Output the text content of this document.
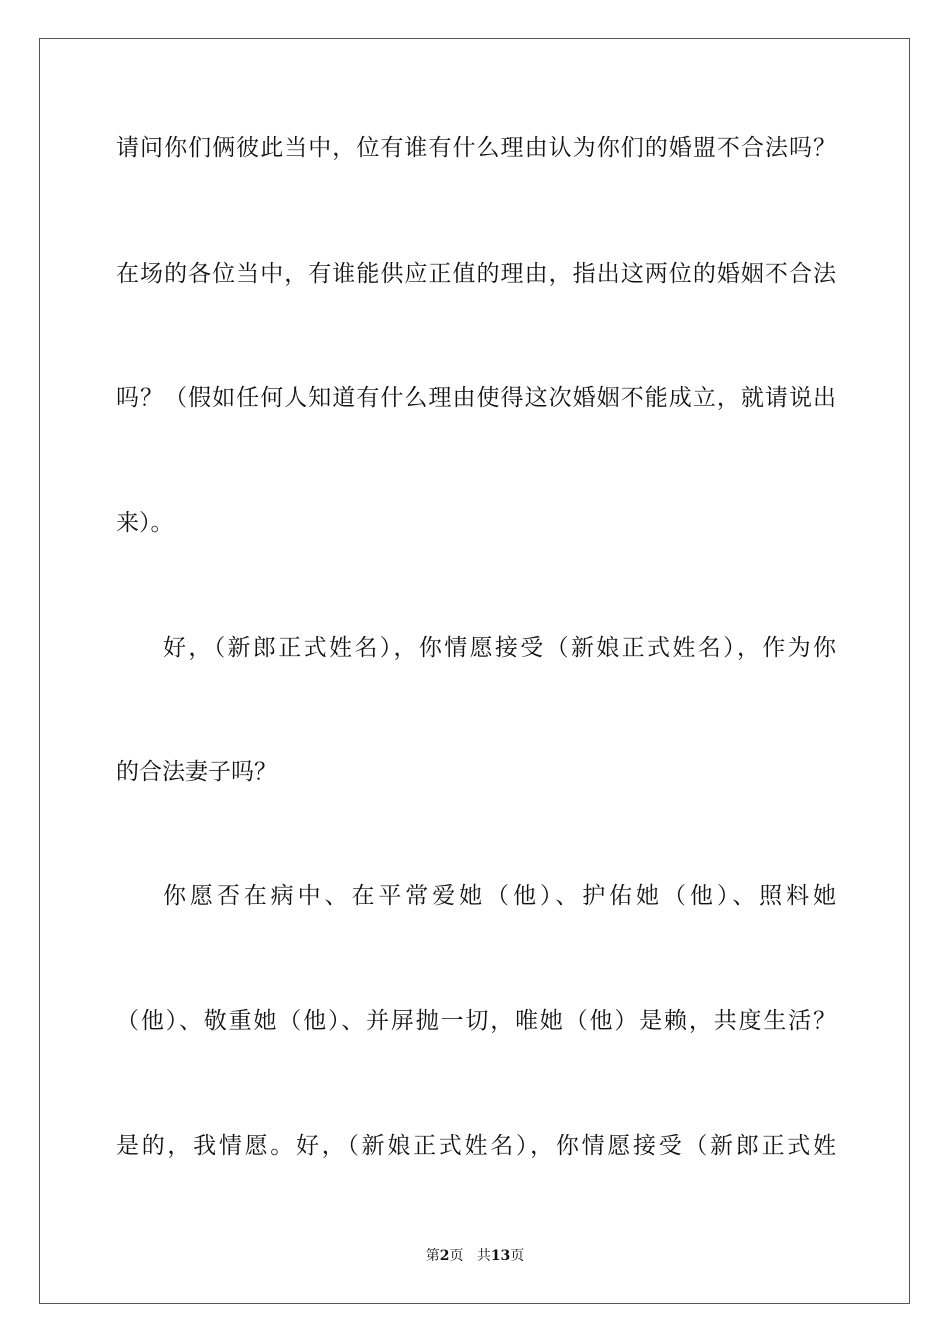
请问你们俩彼此当中，位有谁有什么理由认为你们的婚盟不合法吗？
在场的各位当中，有谁能供应正值的理由，指出这两位的婚姻不合法
吗？（假如任何人知道有什么理由使得这次婚姻不能成立，就请说出
来）。
好，（新郎正式姓名），你情愿接受（新娘正式姓名），作为你
的合法妻子吗？
你愿否在病中、在平常爱她（他）、护佑她（他）、照料她
（他）、敬重她（他）、并屏抛一切，唯她（他）是赖，共度生活？
是的，我情愿。好，（新娘正式姓名），你情愿接受（新郎正式姓
第2页 共13页
